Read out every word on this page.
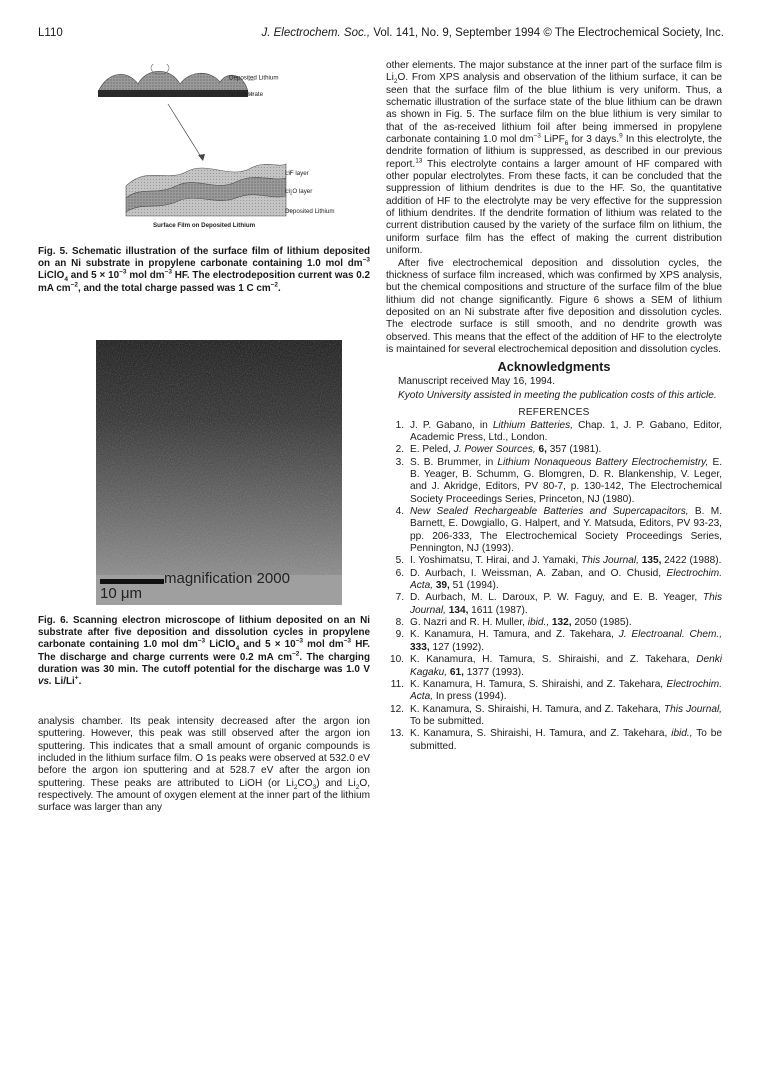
L110	J. Electrochem. Soc., Vol. 141, No. 9, September 1994 © The Electrochemical Society, Inc.
Deposited Lithium
Ni Substrate
LiF layer
$Li_2O$ layer
Deposited Lithium
Surface Film on Deposited Lithium

Fig. 5. Schematic illustration of the surface film of lithium deposited on an Ni substrate in propylene carbonate containing 1.0 mol $dm^{-3}$ LiClO$_4$ and $5 \times 10^{-3}$ mol $dm^{-3}$ HF. The electrodeposition current was 0.2 mA $cm^{-2}$, and the total charge passed was 1 C $cm^{-2}$.

magnification 2000
10 μm

Fig. 6. Scanning electron microscope of lithium deposited on an Ni substrate after five deposition and dissolution cycles in propylene carbonate containing 1.0 mol $dm^{-3}$ LiClO$_4$ and $5 \times 10^{-3}$ mol $dm^{-3}$ HF. The discharge and charge currents were 0.2 mA $cm^{-2}$. The charging duration was 30 min. The cutoff potential for the discharge was 1.0 V vs. Li/Li+.

analysis chamber. Its peak intensity decreased after the argon ion sputtering. However, this peak was still observed after the argon ion sputtering. This indicates that a small amount of organic compounds is included in the lithium surface film. O 1s peaks were observed at 532.0 eV before the argon ion sputtering and at 528.7 eV after the argon ion sputtering. These peaks are attributed to LiOH (or $Li_2CO_3$) and $Li_2O$, respectively. The amount of oxygen element at the inner part of the lithium surface was larger than any

other elements. The major substance at the inner part of the surface film is $Li_2O$. From XPS analysis and observation of the lithium surface, it can be seen that the surface film of the blue lithium is very uniform. Thus, a schematic illustration of the surface state of the blue lithium can be drawn as shown in Fig. 5. The surface film on the blue lithium is very similar to that of the as-received lithium foil after being immersed in propylene carbonate containing 1.0 mol $dm^{-3}$ LiPF$_6$ for 3 days.$^9$ In this electrolyte, the dendrite formation of lithium is suppressed, as described in our previous report.$^{13}$ This electrolyte contains a larger amount of HF compared with other popular electrolytes. From these facts, it can be concluded that the suppression of lithium dendrites is due to the HF. So, the quantitative addition of HF to the electrolyte may be very effective for the suppression of lithium dendrites. If the dendrite formation of lithium was related to the current distribution caused by the variety of the surface film on lithium, the uniform surface film has the effect of making the current distribution uniform.

After five electrochemical deposition and dissolution cycles, the thickness of surface film increased, which was confirmed by XPS analysis, but the chemical compositions and structure of the surface film of the blue lithium did not change significantly. Figure 6 shows a SEM of lithium deposited on an Ni substrate after five deposition and dissolution cycles. The electrode surface is still smooth, and no dendrite growth was observed. This means that the effect of the addition of HF to the electrolyte is maintained for several electrochemical deposition and dissolution cycles.

Acknowledgments

Manuscript received May 16, 1994.

Kyoto University assisted in meeting the publication costs of this article.

REFERENCES

1. J. P. Gabano, in Lithium Batteries, Chap. 1, J. P. Gabano, Editor, Academic Press, Ltd., London.
2. E. Peled, J. Power Sources, 6, 357 (1981).
3. S. B. Brummer, in Lithium Nonaqueous Battery Electrochemistry, E. B. Yeager, B. Schumm, G. Blomgren, D. R. Blankenship, V. Leger, and J. Akridge, Editors, PV 80-7, p. 130-142, The Electrochemical Society Proceedings Series, Princeton, NJ (1980).
4. New Sealed Rechargeable Batteries and Supercapacitors, B. M. Barnett, E. Dowgiallo, G. Halpert, and Y. Matsuda, Editors, PV 93-23, pp. 206-333, The Electrochemical Society Proceedings Series, Pennington, NJ (1993).
5. I. Yoshimatsu, T. Hirai, and J. Yamaki, This Journal, 135, 2422 (1988).
6. D. Aurbach, I. Weissman, A. Zaban, and O. Chusid, Electrochim. Acta, 39, 51 (1994).
7. D. Aurbach, M. L. Daroux, P. W. Faguy, and E. B. Yeager, This Journal, 134, 1611 (1987).
8. G. Nazri and R. H. Muller, ibid., 132, 2050 (1985).
9. K. Kanamura, H. Tamura, and Z. Takehara, J. Electroanal. Chem., 333, 127 (1992).
10. K. Kanamura, H. Tamura, S. Shiraishi, and Z. Takehara, Denki Kagaku, 61, 1377 (1993).
11. K. Kanamura, H. Tamura, S. Shiraishi, and Z. Takehara, Electrochim. Acta, In press (1994).
12. K. Kanamura, S. Shiraishi, H. Tamura, and Z. Takehara, This Journal, To be submitted.
13. K. Kanamura, S. Shiraishi, H. Tamura, and Z. Takehara, ibid., To be submitted.
